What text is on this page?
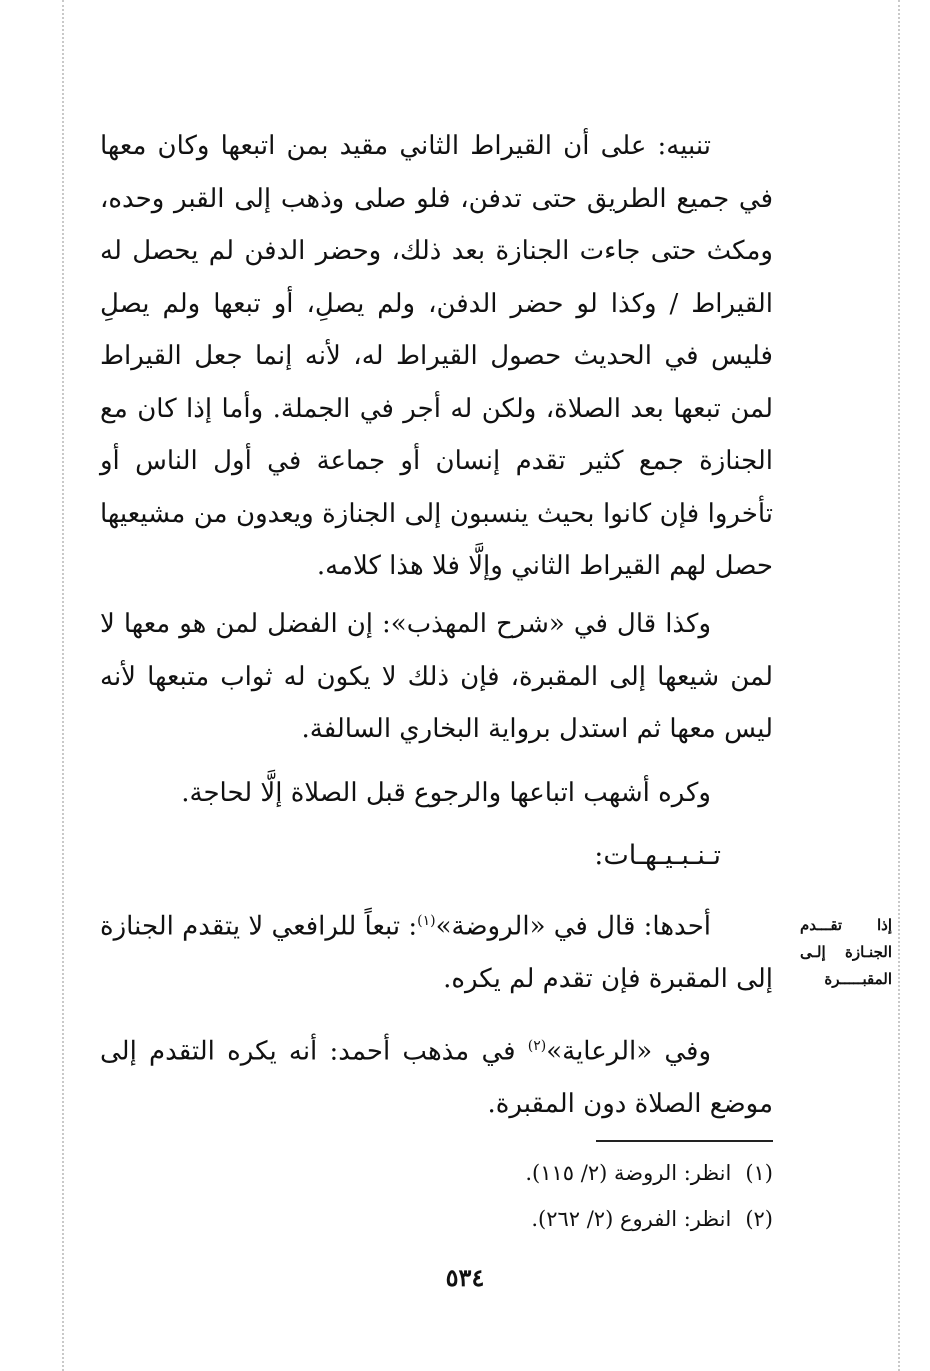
تنبيه: على أن القيراط الثاني مقيد بمن اتبعها وكان معها في جميع الطريق حتى تدفن، فلو صلى وذهب إلى القبر وحده، ومكث حتى جاءت الجنازة بعد ذلك، وحضر الدفن لم يحصل له القيراط / وكذا لو حضر الدفن، ولم يصلِ، أو تبعها ولم يصلِ فليس في الحديث حصول القيراط له، لأنه إنما جعل القيراط لمن تبعها بعد الصلاة، ولكن له أجر في الجملة. وأما إذا كان مع الجنازة جمع كثير تقدم إنسان أو جماعة في أول الناس أو تأخروا فإن كانوا بحيث ينسبون إلى الجنازة ويعدون من مشيعيها حصل لهم القيراط الثاني وإلَّا فلا هذا كلامه.

وكذا قال في «شرح المهذب»: إن الفضل لمن هو معها لا لمن شيعها إلى المقبرة، فإن ذلك لا يكون له ثواب متبعها لأنه ليس معها ثم استدل برواية البخاري السالفة.

وكره أشهب اتباعها والرجوع قبل الصلاة إلَّا لحاجة.

تـنـبـيـهـات:

أحدها: قال في «الروضة»$^{(١)}$: تبعاً للرافعي لا يتقدم الجنازة إلى المقبرة فإن تقدم لم يكره.

وفي «الرعاية»$^{(٢)}$ في مذهب أحمد: أنه يكره التقدم إلى موضع الصلاة دون المقبرة.

إذا تقـــدم
الجنـازة إلـى
المقبـــــرة
(١)انظر: الروضة (٢/ ١١٥).
(٢)انظر: الفروع (٢/ ٢٦٢).
٥٣٤
